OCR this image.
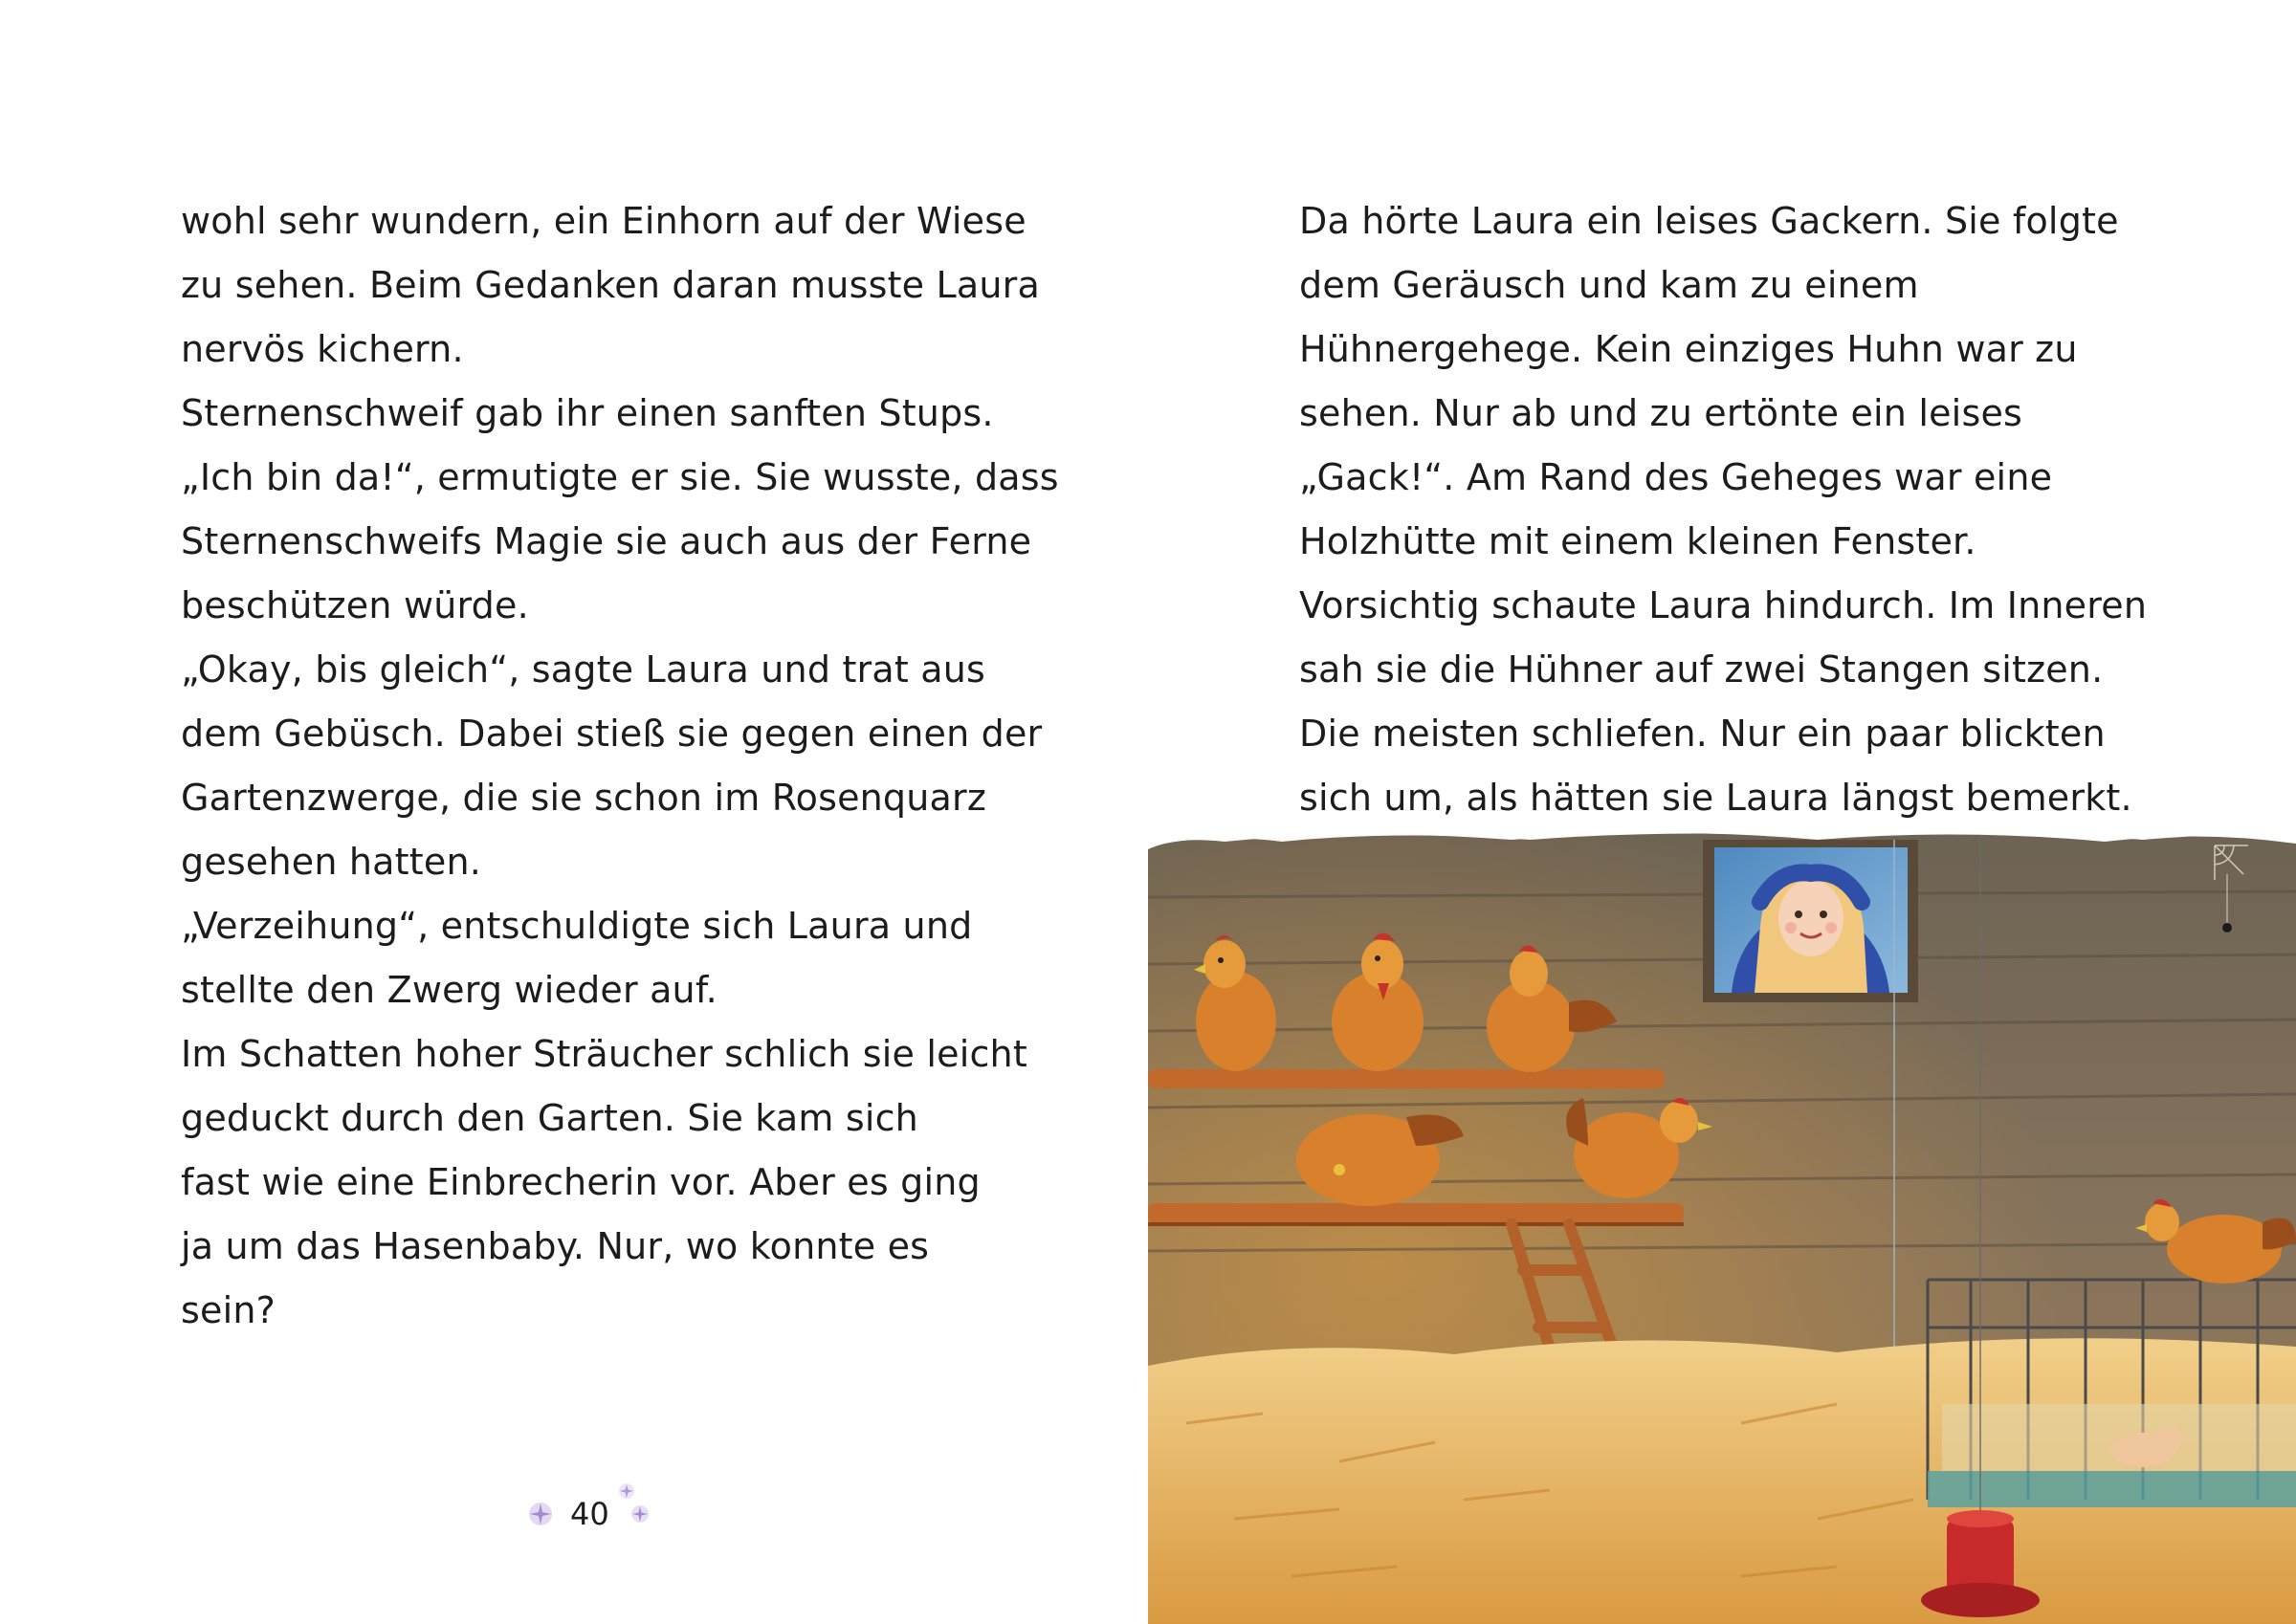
wohl sehr wundern, ein Einhorn auf der Wiese
zu sehen. Beim Gedanken daran musste Laura
nervös kichern.
Sternenschweif gab ihr einen sanften Stups.
„Ich bin da!“, ermutigte er sie. Sie wusste, dass
Sternenschweifs Magie sie auch aus der Ferne
beschützen würde.
„Okay, bis gleich“, sagte Laura und trat aus
dem Gebüsch. Dabei stieß sie gegen einen der
Gartenzwerge, die sie schon im Rosenquarz
gesehen hatten.
„Verzeihung“, entschuldigte sich Laura und
stellte den Zwerg wieder auf.
Im Schatten hoher Sträucher schlich sie leicht
geduckt durch den Garten. Sie kam sich
fast wie eine Einbrecherin vor. Aber es ging
ja um das Hasenbaby. Nur, wo konnte es
sein?
40
Da hörte Laura ein leises Gackern. Sie folgte
dem Geräusch und kam zu einem
Hühnergehege. Kein einziges Huhn war zu
sehen. Nur ab und zu ertönte ein leises
„Gack!“. Am Rand des Geheges war eine
Holzhütte mit einem kleinen Fenster.
Vorsichtig schaute Laura hindurch. Im Inneren
sah sie die Hühner auf zwei Stangen sitzen.
Die meisten schliefen. Nur ein paar blickten
sich um, als hätten sie Laura längst bemerkt.
